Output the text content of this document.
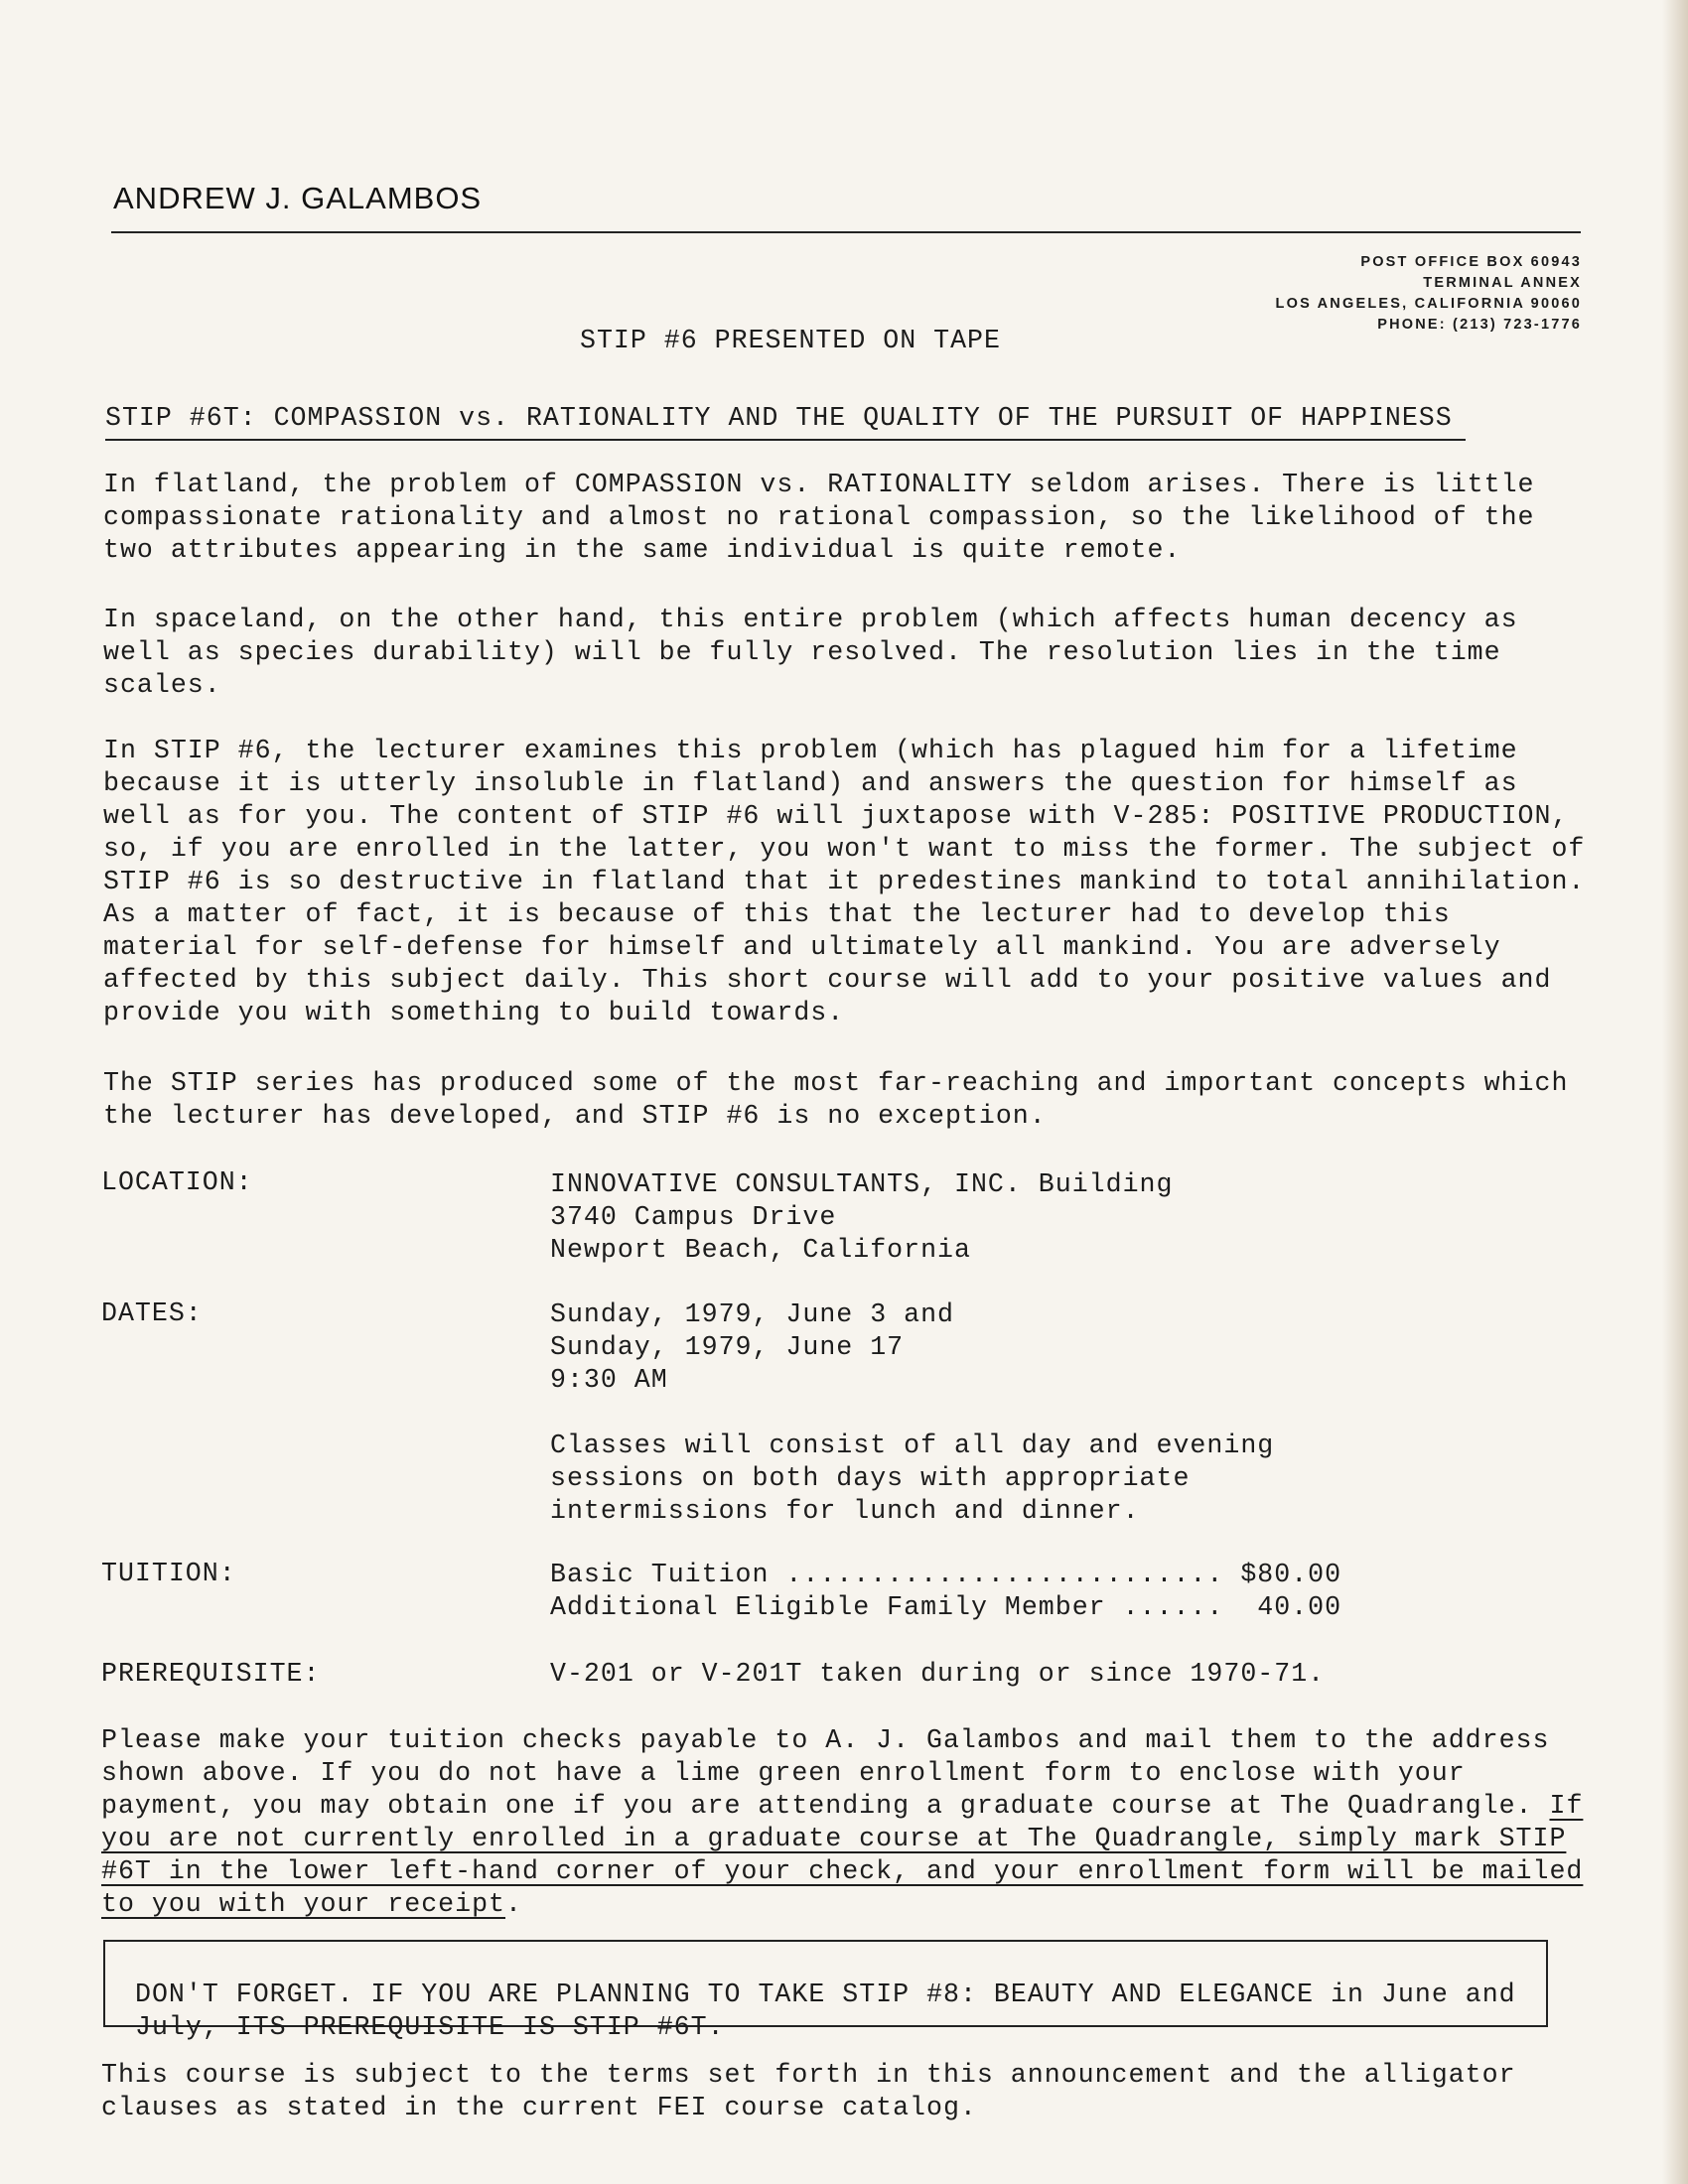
ANDREW J. GALAMBOS
POST OFFICE BOX 60943
TERMINAL ANNEX
LOS ANGELES, CALIFORNIA 90060
PHONE: (213) 723-1776
STIP #6 PRESENTED ON TAPE
STIP #6T: COMPASSION vs. RATIONALITY AND THE QUALITY OF THE PURSUIT OF HAPPINESS

In flatland, the problem of COMPASSION vs. RATIONALITY seldom arises. There is little compassionate rationality and almost no rational compassion, so the likelihood of the two attributes appearing in the same individual is quite remote.

In spaceland, on the other hand, this entire problem (which affects human decency as well as species durability) will be fully resolved. The resolution lies in the time scales.

In STIP #6, the lecturer examines this problem (which has plagued him for a lifetime because it is utterly insoluble in flatland) and answers the question for himself as well as for you. The content of STIP #6 will juxtapose with V-285: POSITIVE PRODUCTION, so, if you are enrolled in the latter, you won't want to miss the former. The subject of STIP #6 is so destructive in flatland that it predestines mankind to total annihilation. As a matter of fact, it is because of this that the lecturer had to develop this material for self-defense for himself and ultimately all mankind. You are adversely affected by this subject daily. This short course will add to your positive values and provide you with something to build towards.

The STIP series has produced some of the most far-reaching and important concepts which the lecturer has developed, and STIP #6 is no exception.

LOCATION:	INNOVATIVE CONSULTANTS, INC. Building
3740 Campus Drive
Newport Beach, California
DATES:	Sunday, 1979, June 3 and
Sunday, 1979, June 17
9:30 AM

Classes will consist of all day and evening sessions on both days with appropriate intermissions for lunch and dinner.

TUITION:	Basic Tuition .......................... $80.00
Additional Eligible Family Member ...... 40.00
PREREQUISITE:	V-201 or V-201T taken during or since 1970-71.

Please make your tuition checks payable to A. J. Galambos and mail them to the address shown above. If you do not have a lime green enrollment form to enclose with your payment, you may obtain one if you are attending a graduate course at The Quadrangle. If you are not currently enrolled in a graduate course at The Quadrangle, simply mark STIP #6T in the lower left-hand corner of your check, and your enrollment form will be mailed to you with your receipt.

DON'T FORGET. IF YOU ARE PLANNING TO TAKE STIP #8: BEAUTY AND ELEGANCE in June and July, ITS PREREQUISITE IS STIP #6T.

This course is subject to the terms set forth in this announcement and the alligator clauses as stated in the current FEI course catalog.
